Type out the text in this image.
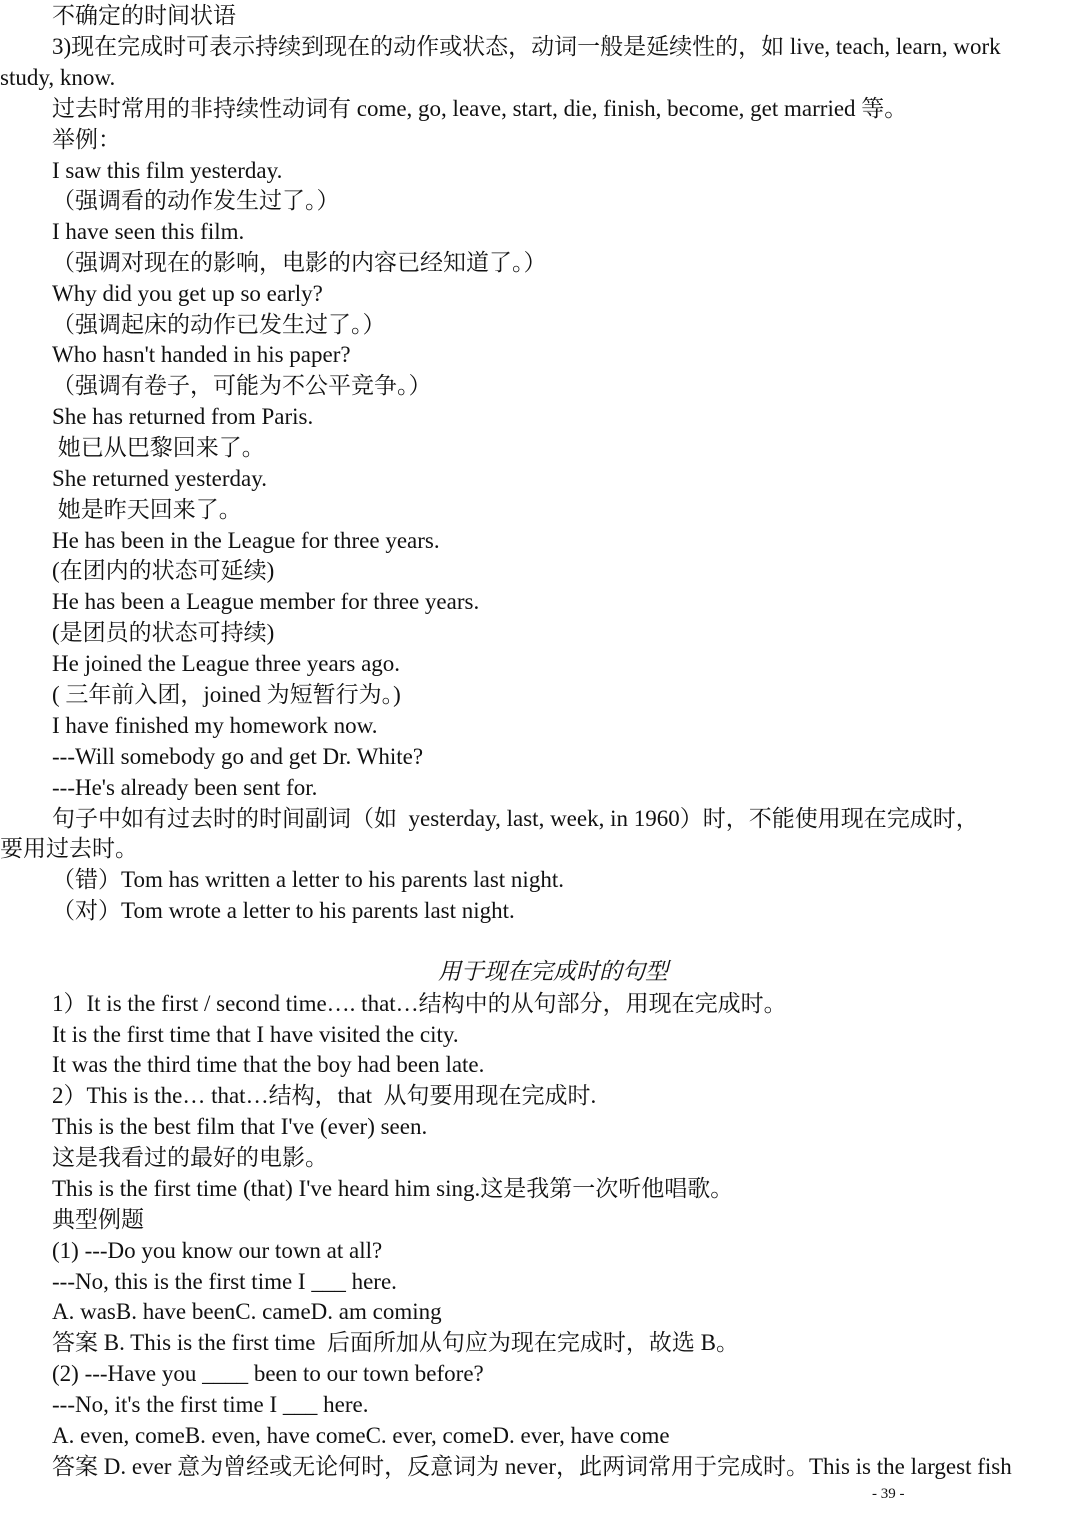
不确定的时间状语
3)现在完成时可表示持续到现在的动作或状态，动词一般是延续性的，如 live, teach, learn, work
study, know.
过去时常用的非持续性动词有 come, go, leave, start, die, finish, become, get married 等。
举例：
I saw this film yesterday.
（强调看的动作发生过了。）
I have seen this film.
（强调对现在的影响，电影的内容已经知道了。）
Why did you get up so early?
（强调起床的动作已发生过了。）
Who hasn't handed in his paper?
（强调有卷子，可能为不公平竞争。）
She has returned from Paris.
她已从巴黎回来了。
She returned yesterday.
她是昨天回来了。
He has been in the League for three years.
(在团内的状态可延续)
He has been a League member for three years.
(是团员的状态可持续)
He joined the League three years ago.
( 三年前入团，joined 为短暂行为。)
I have finished my homework now.
---Will somebody go and get Dr. White?
---He's already been sent for.
句子中如有过去时的时间副词（如  yesterday, last, week, in 1960）时，不能使用现在完成时，
要用过去时。
（错）Tom has written a letter to his parents last night.
（对）Tom wrote a letter to his parents last night.
用于现在完成时的句型
1）It is the first / second time…. that…结构中的从句部分，用现在完成时。
It is the first time that I have visited the city.
It was the third time that the boy had been late.
2）This is the… that…结构，that  从句要用现在完成时.
This is the best film that I've (ever) seen.
这是我看过的最好的电影。
This is the first time (that) I've heard him sing.这是我第一次听他唱歌。
典型例题
(1) ---Do you know our town at all?
---No, this is the first time I ___ here.
A. wasB. have beenC. cameD. am coming
答案 B. This is the first time  后面所加从句应为现在完成时，故选 B。
(2) ---Have you ____ been to our town before?
---No, it's the first time I ___ here.
A. even, comeB. even, have comeC. ever, comeD. ever, have come
答案 D. ever 意为曾经或无论何时，反意词为 never，此两词常用于完成时。This is the largest fish
- 39 -
